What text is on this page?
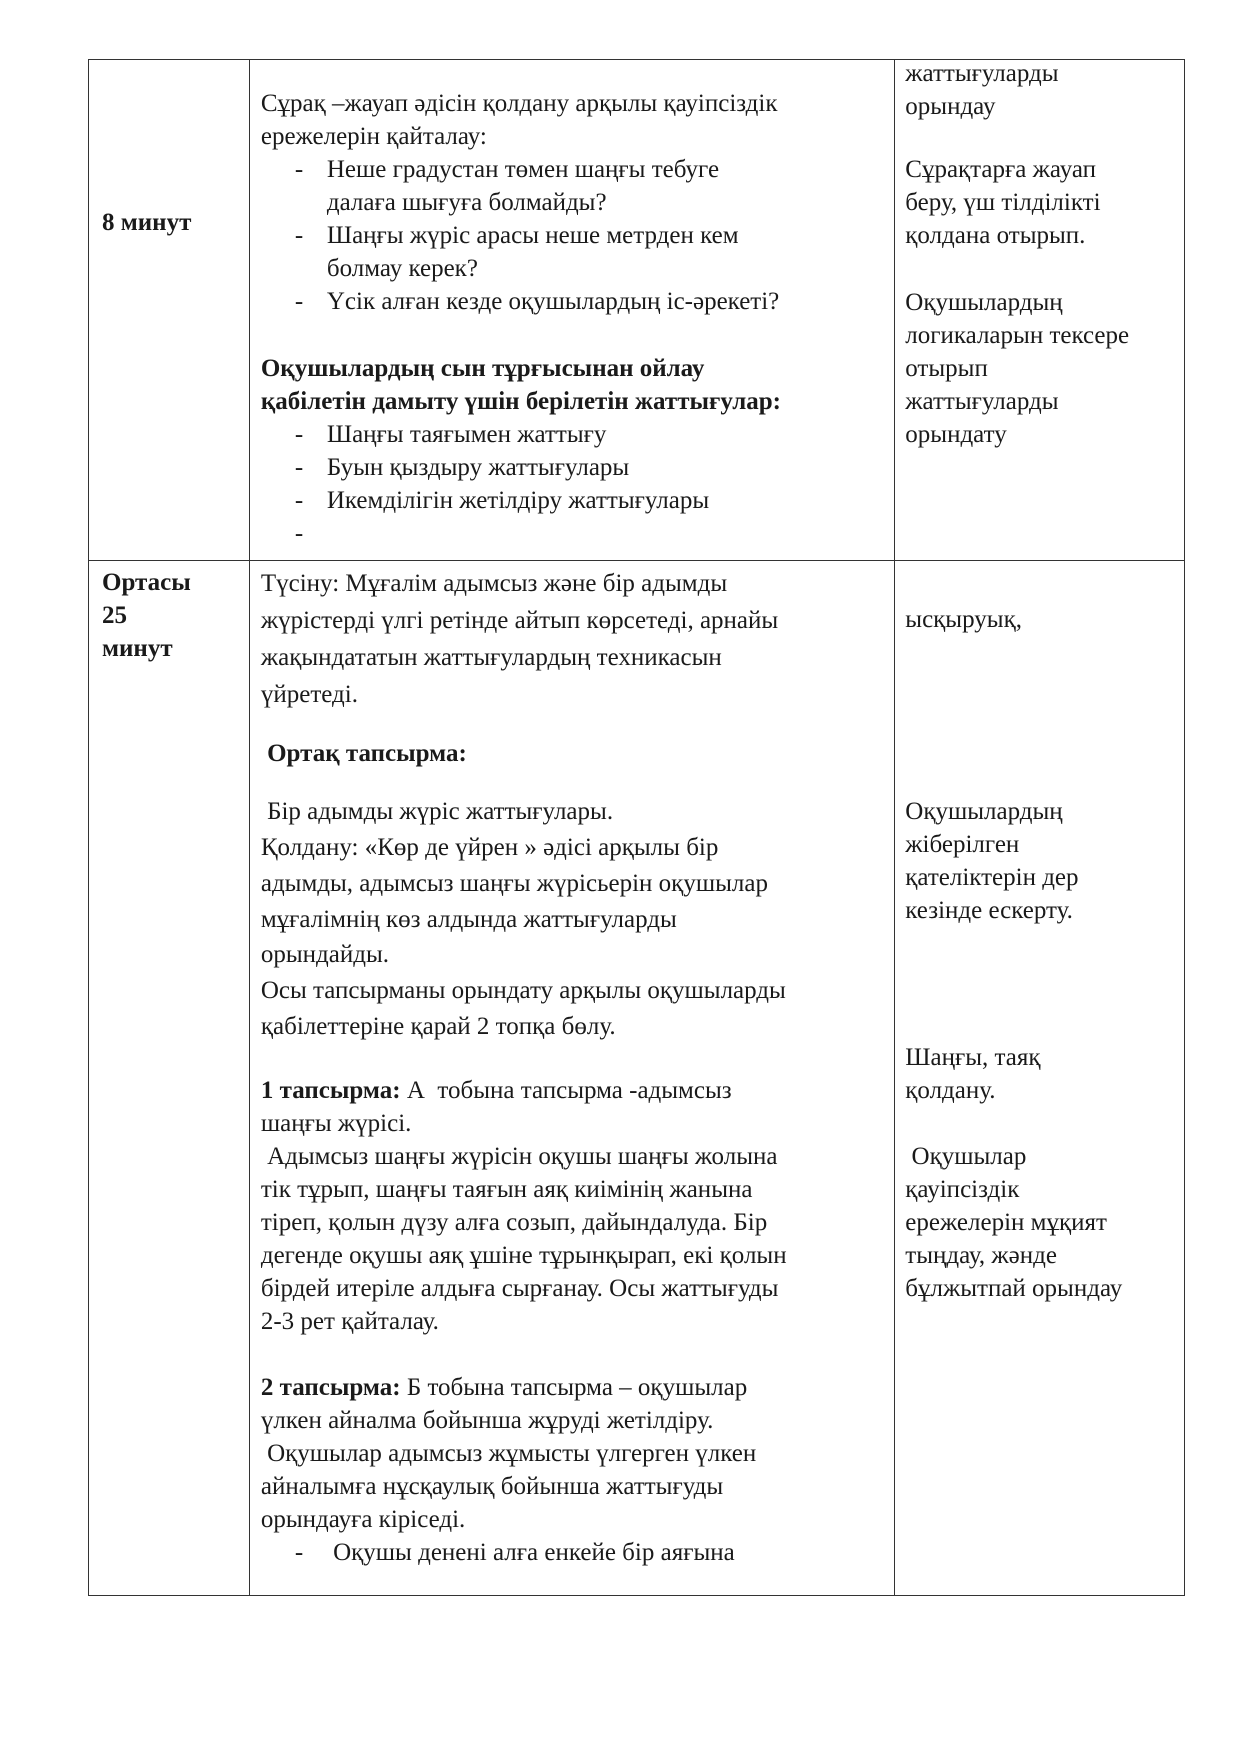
8 минут
Сұрақ –жауап әдісін қолдану арқылы қауіпсіздік
ережелерін қайталау:
- Неше градустан төмен шаңғы тебуге
далаға шығуға болмайды?
- Шаңғы жүріс арасы неше метрден кем
болмау керек?
- Үсік алған кезде оқушылардың іс-әрекеті?
Оқушылардың сын тұрғысынан ойлау
қабілетін дамыту үшін берілетін жаттығулар:
- Шаңғы таяғымен жаттығу
- Буын қыздыру жаттығулары
- Икемділігін жетілдіру жаттығулары
-
жаттығуларды
орындау
Сұрақтарға жауап
беру, үш тілділікті
қолдана отырып.
Оқушылардың
логикаларын тексере
отырып
жаттығуларды
орындату
Ортасы
25
минут
Түсіну: Мұғалім адымсыз және бір адымды
жүрістерді үлгі ретінде айтып көрсетеді, арнайы
жақындататын жаттығулардың техникасын
үйретеді.
Ортақ тапсырма:
Бір адымды жүріс жаттығулары.
Қолдану: «Көр де үйрен » әдісі арқылы бір
адымды, адымсыз шаңғы жүрісьерін оқушылар
мұғалімнің көз алдында жаттығуларды
орындайды.
Осы тапсырманы орындату арқылы оқушыларды
қабілеттеріне қарай 2 топқа бөлу.
1 тапсырма: А  тобына тапсырма -адымсыз
шаңғы жүрісі.
Адымсыз шаңғы жүрісін оқушы шаңғы жолына
тік тұрып, шаңғы таяғын аяқ киімінің жанына
тіреп, қолын дүзу алға созып, дайындалуда. Бір
дегенде оқушы аяқ ұшіне тұрынқырап, екі қолын
бірдей итеріле алдыға сырғанау. Осы жаттығуды
2-3 рет қайталау.
2 тапсырма: Б тобына тапсырма – оқушылар
үлкен айналма бойынша жұруді жетілдіру.
Оқушылар адымсыз жұмысты үлгерген үлкен
айналымға нұсқаулық бойынша жаттығуды
орындауға кіріседі.
- Оқушы денені алға енкейе бір аяғына
ысқыруық,
Оқушылардың
жіберілген
қателіктерін дер
кезінде ескерту.
Шаңғы, таяқ
қолдану.
Оқушылар
қауіпсіздік
ережелерін мұқият
тыңдау, жәнде
бұлжытпай орындау
